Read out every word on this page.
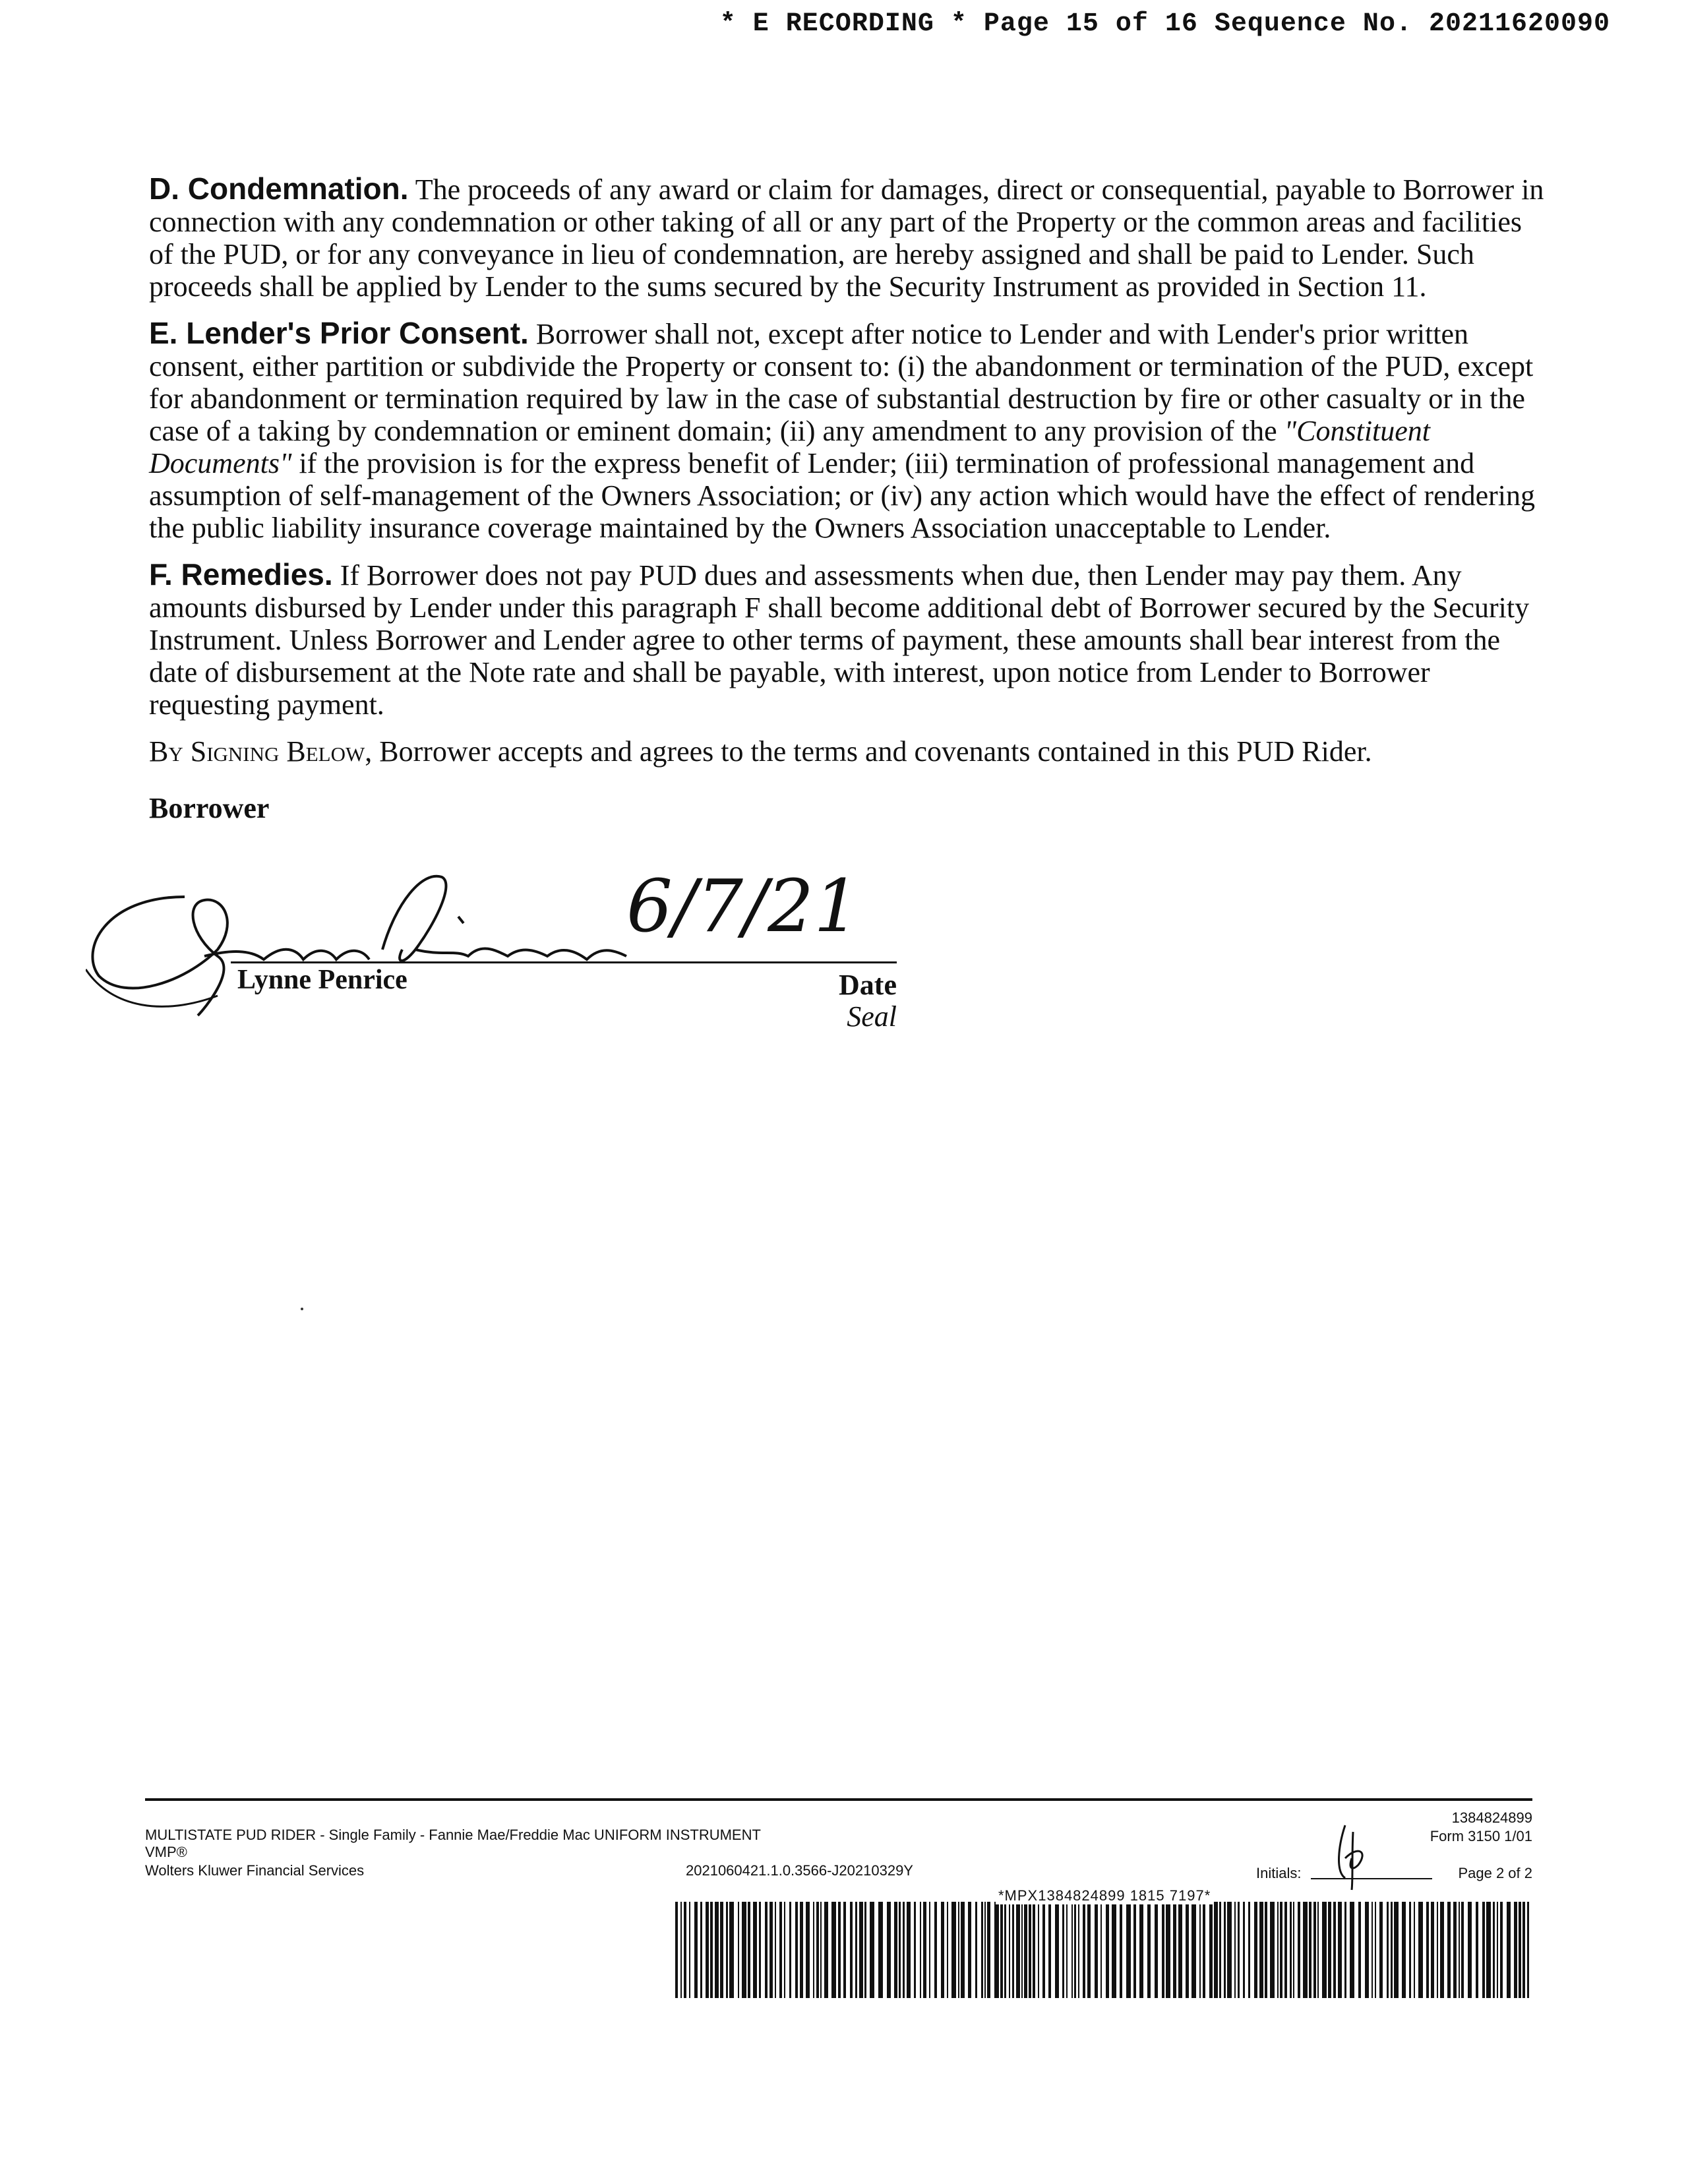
* E RECORDING * Page 15 of 16 Sequence No. 20211620090

D. Condemnation. The proceeds of any award or claim for damages, direct or consequential, payable to Borrower in connection with any condemnation or other taking of all or any part of the Property or the common areas and facilities of the PUD, or for any conveyance in lieu of condemnation, are hereby assigned and shall be paid to Lender. Such proceeds shall be applied by Lender to the sums secured by the Security Instrument as provided in Section 11.

E. Lender's Prior Consent. Borrower shall not, except after notice to Lender and with Lender's prior written consent, either partition or subdivide the Property or consent to: (i) the abandonment or termination of the PUD, except for abandonment or termination required by law in the case of substantial destruction by fire or other casualty or in the case of a taking by condemnation or eminent domain; (ii) any amendment to any provision of the "Constituent Documents" if the provision is for the express benefit of Lender; (iii) termination of professional management and assumption of self-management of the Owners Association; or (iv) any action which would have the effect of rendering the public liability insurance coverage maintained by the Owners Association unacceptable to Lender.

F. Remedies. If Borrower does not pay PUD dues and assessments when due, then Lender may pay them. Any amounts disbursed by Lender under this paragraph F shall become additional debt of Borrower secured by the Security Instrument. Unless Borrower and Lender agree to other terms of payment, these amounts shall bear interest from the date of disbursement at the Note rate and shall be payable, with interest, upon notice from Lender to Borrower requesting payment.

By Signing Below, Borrower accepts and agrees to the terms and covenants contained in this PUD Rider.

Borrower
6/7/21
Lynne Penrice	Date
Seal
MULTISTATE PUD RIDER - Single Family - Fannie Mae/Freddie Mac UNIFORM INSTRUMENT
VMP®
Wolters Kluwer Financial Services	2021060421.1.0.3566-J20210329Y
1384824899
Form 3150 1/01
Initials:	Page 2 of 2
*MPX1384824899 1815 7197*
